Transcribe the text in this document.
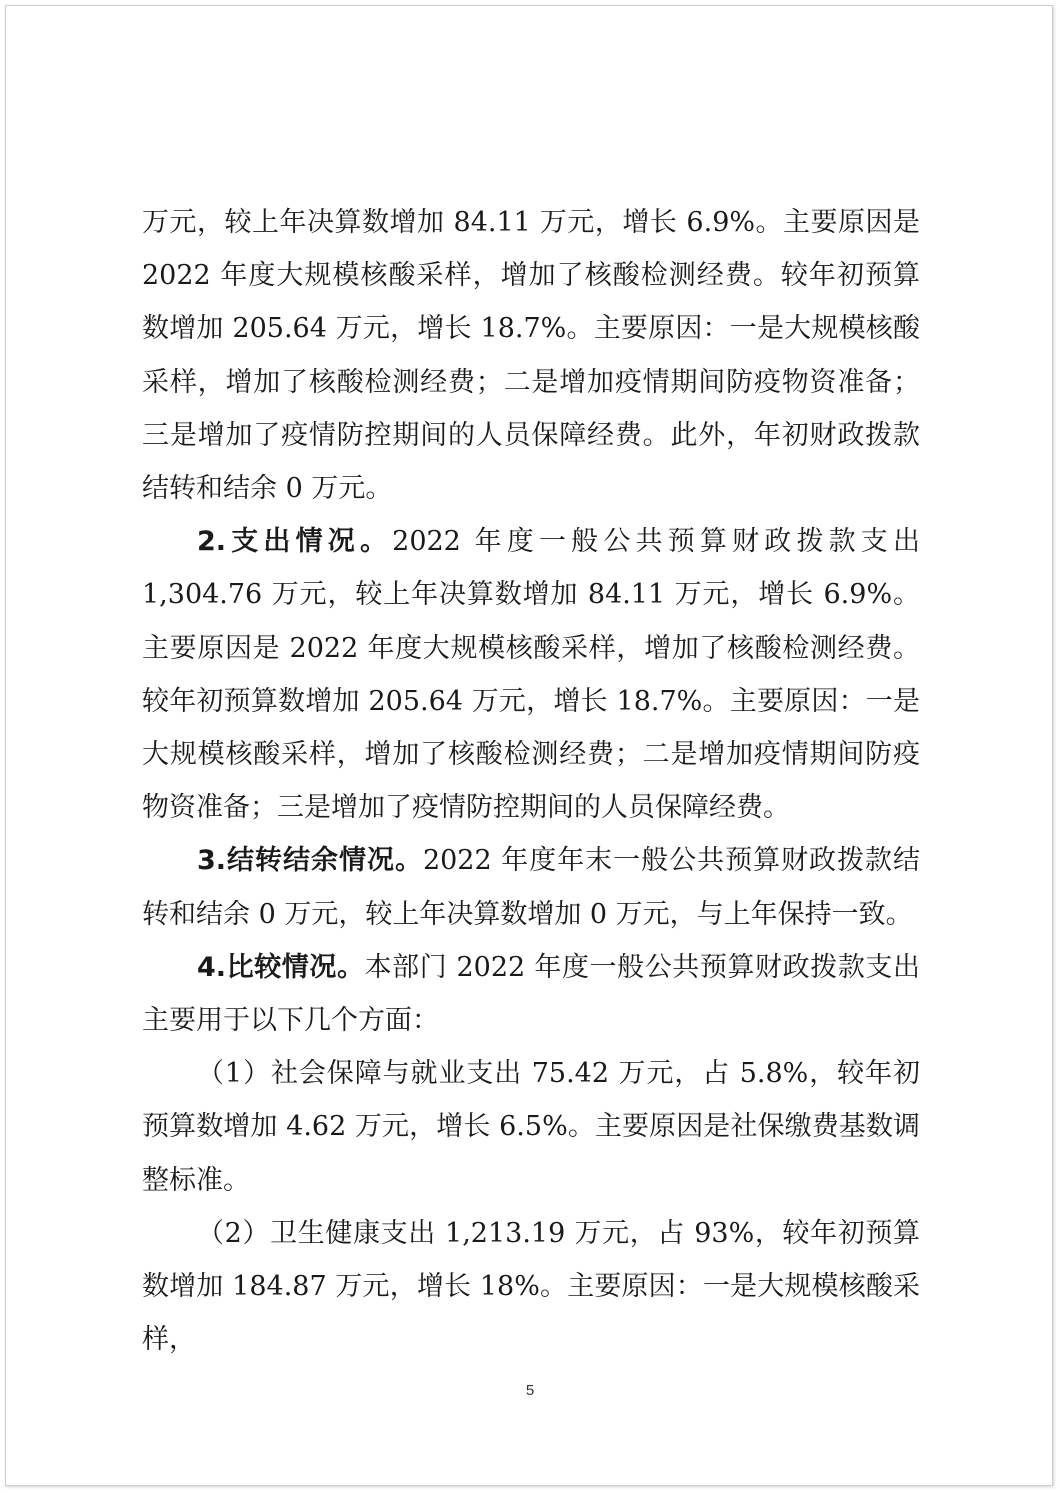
万元，较上年决算数增加 84.11 万元，增长 6.9%。主要原因是 2022 年度大规模核酸采样，增加了核酸检测经费。较年初预算数增加 205.64 万元，增长 18.7%。主要原因：一是大规模核酸采样，增加了核酸检测经费；二是增加疫情期间防疫物资准备；三是增加了疫情防控期间的人员保障经费。此外，年初财政拨款结转和结余 0 万元。

2.支出情况。2022 年度一般公共预算财政拨款支出 1,304.76 万元，较上年决算数增加 84.11 万元，增长 6.9%。主要原因是 2022 年度大规模核酸采样，增加了核酸检测经费。较年初预算数增加 205.64 万元，增长 18.7%。主要原因：一是大规模核酸采样，增加了核酸检测经费；二是增加疫情期间防疫物资准备；三是增加了疫情防控期间的人员保障经费。

3.结转结余情况。2022 年度年末一般公共预算财政拨款结转和结余 0 万元，较上年决算数增加 0 万元，与上年保持一致。

4.比较情况。本部门 2022 年度一般公共预算财政拨款支出主要用于以下几个方面：

（1）社会保障与就业支出 75.42 万元，占 5.8%，较年初预算数增加 4.62 万元，增长 6.5%。主要原因是社保缴费基数调整标准。

（2）卫生健康支出 1,213.19 万元，占 93%，较年初预算数增加 184.87 万元，增长 18%。主要原因：一是大规模核酸采样，

5
